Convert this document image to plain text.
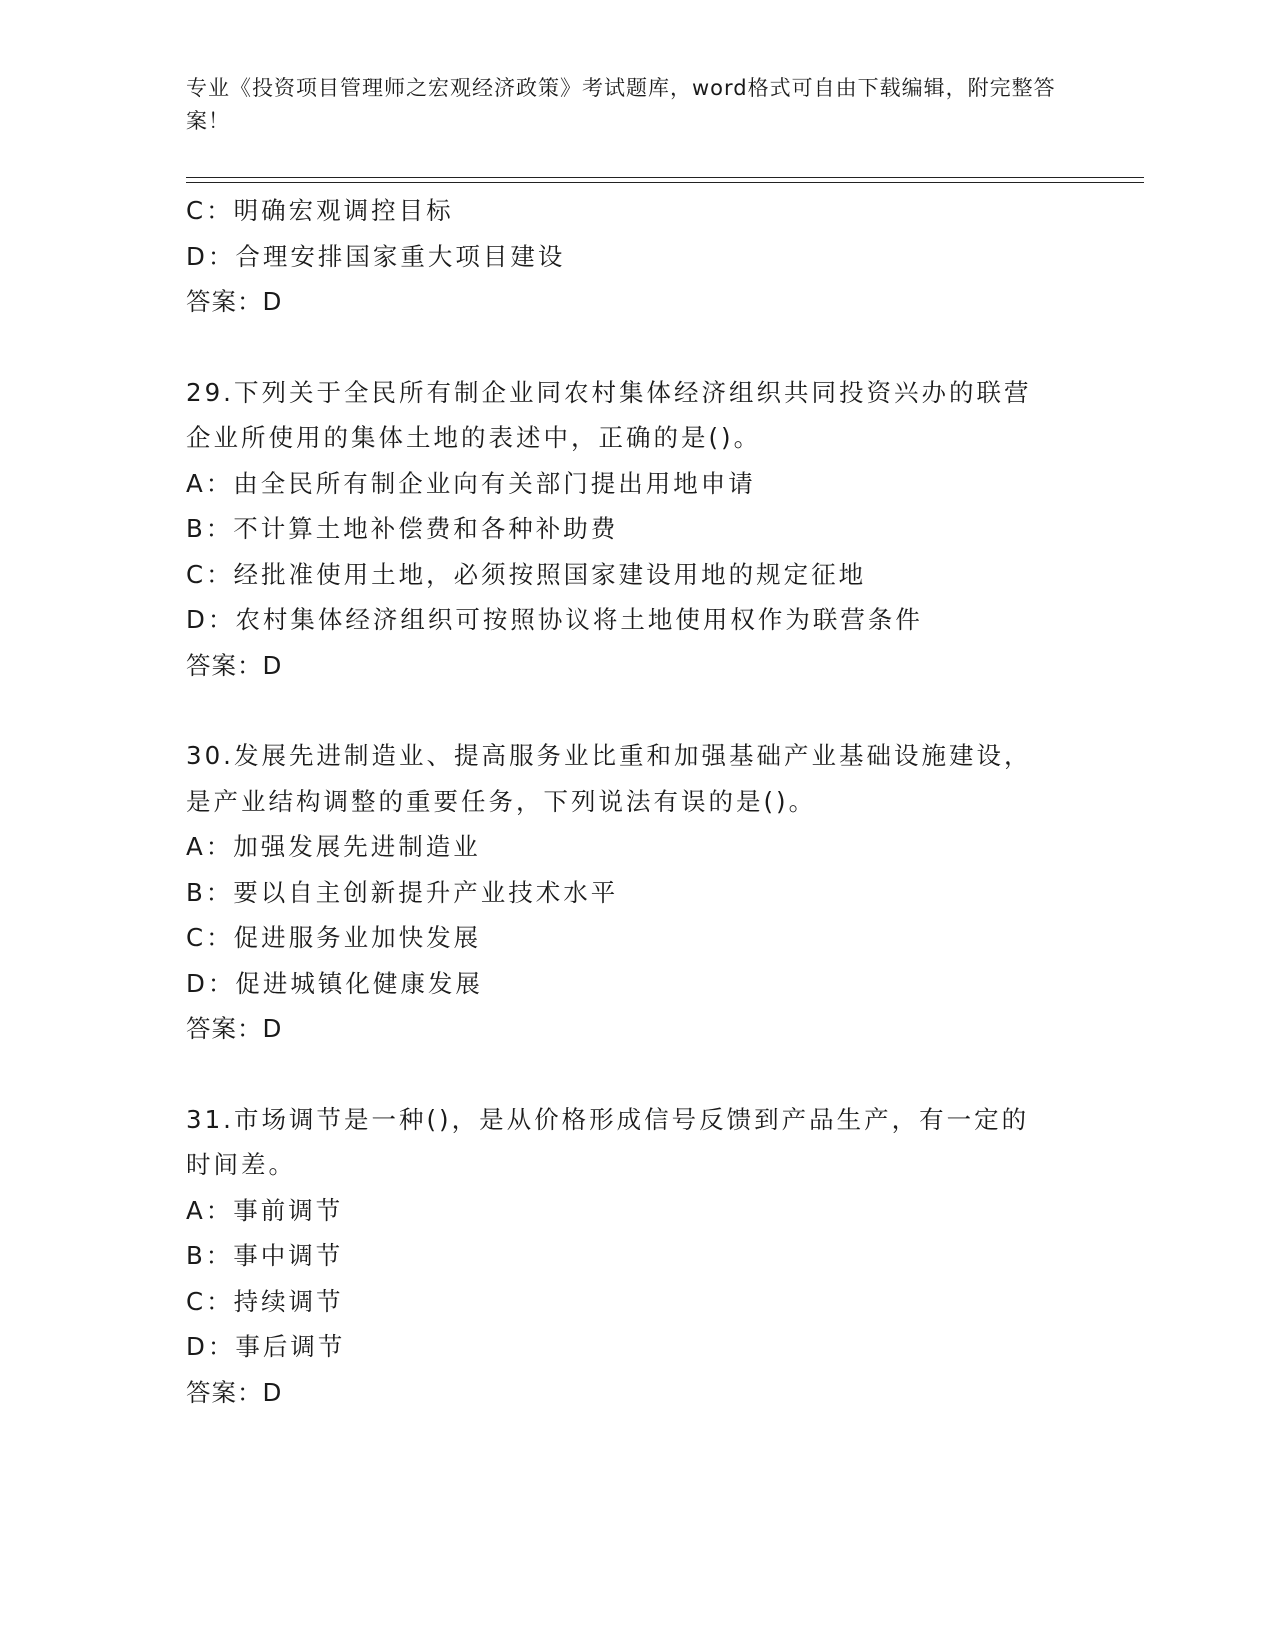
专业《投资项目管理师之宏观经济政策》考试题库，word格式可自由下载编辑，附完整答案！
C：明确宏观调控目标
D：合理安排国家重大项目建设
答案：D
29.下列关于全民所有制企业同农村集体经济组织共同投资兴办的联营
企业所使用的集体土地的表述中，正确的是()。
A：由全民所有制企业向有关部门提出用地申请
B：不计算土地补偿费和各种补助费
C：经批准使用土地，必须按照国家建设用地的规定征地
D：农村集体经济组织可按照协议将土地使用权作为联营条件
答案：D
30.发展先进制造业、提高服务业比重和加强基础产业基础设施建设，
是产业结构调整的重要任务，下列说法有误的是()。
A：加强发展先进制造业
B：要以自主创新提升产业技术水平
C：促进服务业加快发展
D：促进城镇化健康发展
答案：D
31.市场调节是一种()，是从价格形成信号反馈到产品生产，有一定的
时间差。
A：事前调节
B：事中调节
C：持续调节
D：事后调节
答案：D
